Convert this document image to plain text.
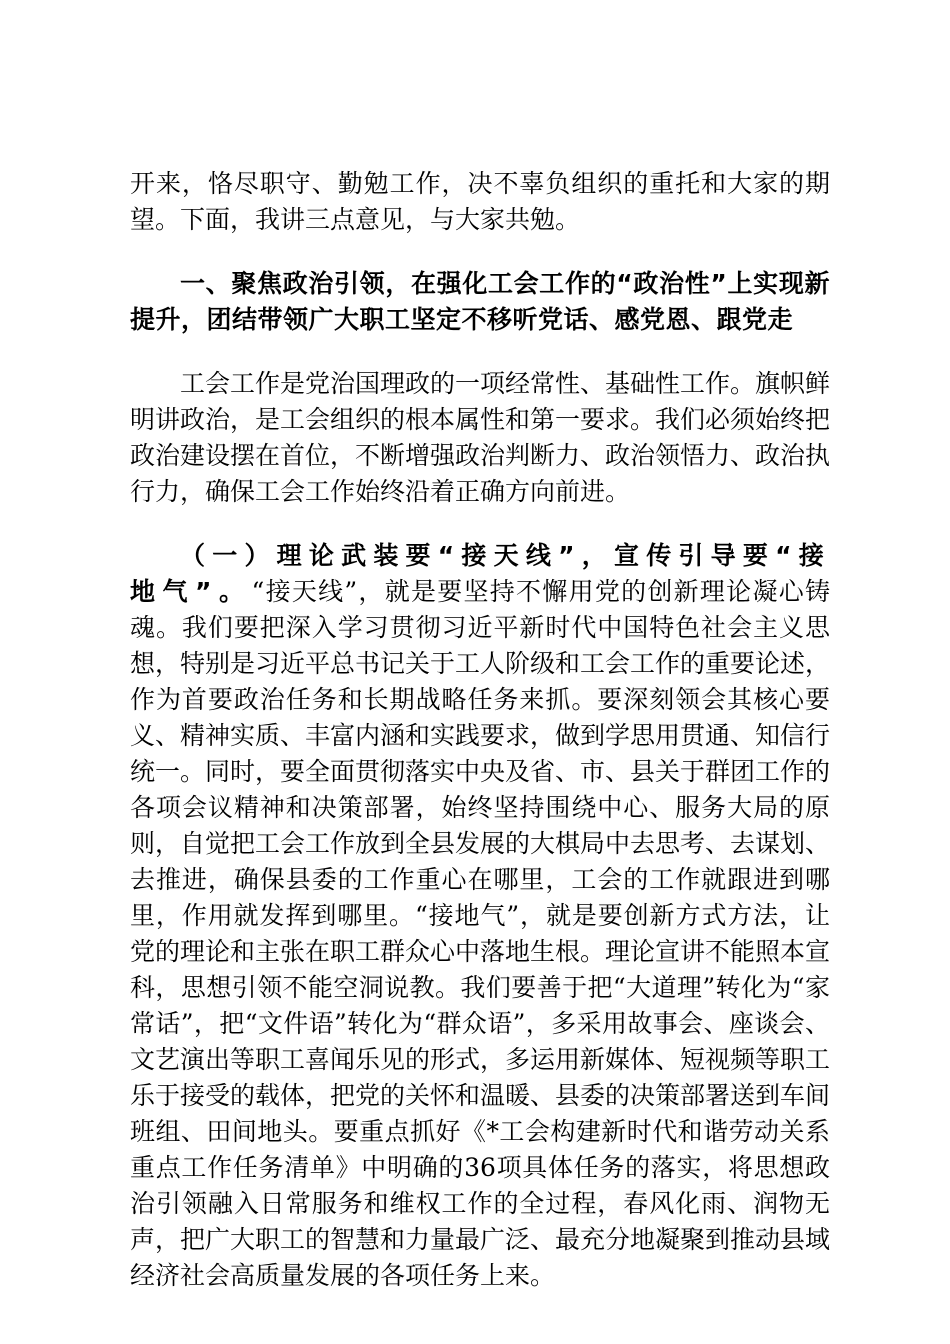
开来，恪尽职守、勤勉工作，决不辜负组织的重托和大家的期望。下面，我讲三点意见，与大家共勉。

一、聚焦政治引领，在强化工会工作的“政治性”上实现新提升，团结带领广大职工坚定不移听党话、感党恩、跟党走

工会工作是党治国理政的一项经常性、基础性工作。旗帜鲜明讲政治，是工会组织的根本属性和第一要求。我们必须始终把政治建设摆在首位，不断增强政治判断力、政治领悟力、政治执行力，确保工会工作始终沿着正确方向前进。

（一）理论武装要“接天线”，宣传引导要“接地气”。“接天线”，就是要坚持不懈用党的创新理论凝心铸魂。我们要把深入学习贯彻习近平新时代中国特色社会主义思想，特别是习近平总书记关于工人阶级和工会工作的重要论述，作为首要政治任务和长期战略任务来抓。要深刻领会其核心要义、精神实质、丰富内涵和实践要求，做到学思用贯通、知信行统一。同时，要全面贯彻落实中央及省、市、县关于群团工作的各项会议精神和决策部署，始终坚持围绕中心、服务大局的原则，自觉把工会工作放到全县发展的大棋局中去思考、去谋划、去推进，确保县委的工作重心在哪里，工会的工作就跟进到哪里，作用就发挥到哪里。“接地气”，就是要创新方式方法，让党的理论和主张在职工群众心中落地生根。理论宣讲不能照本宣科，思想引领不能空洞说教。我们要善于把“大道理”转化为“家常话”，把“文件语”转化为“群众语”，多采用故事会、座谈会、文艺演出等职工喜闻乐见的形式，多运用新媒体、短视频等职工乐于接受的载体，把党的关怀和温暖、县委的决策部署送到车间班组、田间地头。要重点抓好《*工会构建新时代和谐劳动关系重点工作任务清单》中明确的36项具体任务的落实，将思想政治引领融入日常服务和维权工作的全过程，春风化雨、润物无声，把广大职工的智慧和力量最广泛、最充分地凝聚到推动县域经济社会高质量发展的各项任务上来。
